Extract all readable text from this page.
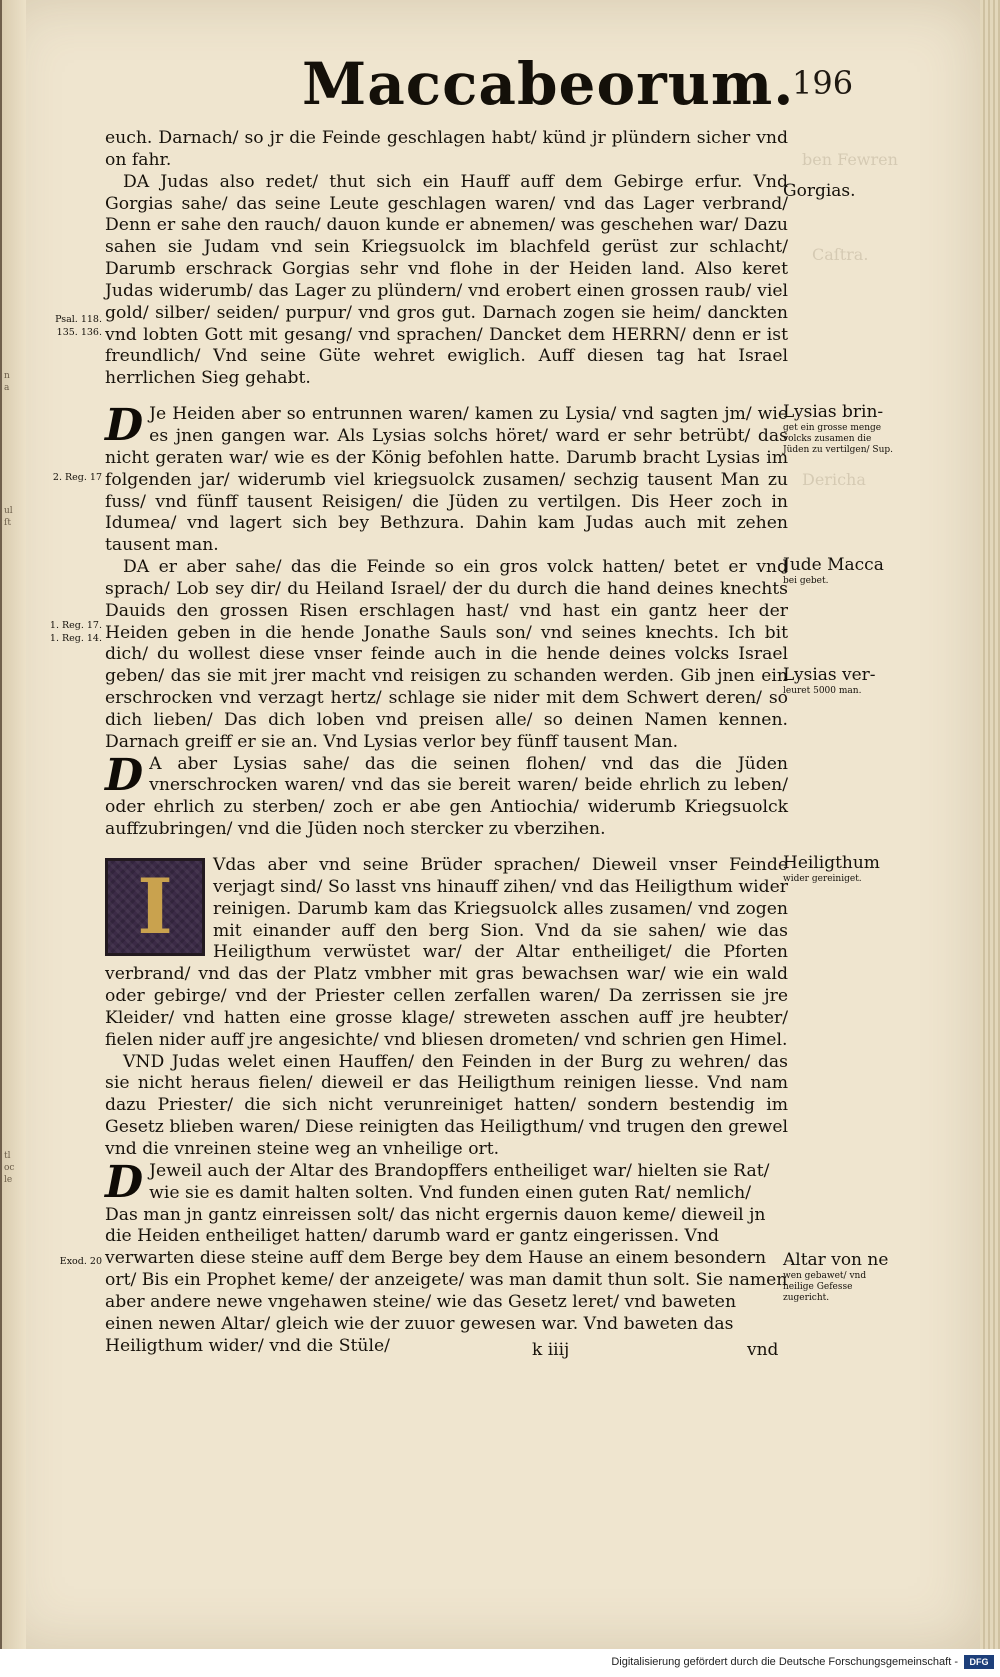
n
a
ul
ſt
tl
oc
le
ben Fewren
Caſtra.
Dericha
Maccabeorum.
196

euch. Darnach/ so jr die Feinde geschlagen habt/ künd jr plündern sicher vnd on fahr.

DA Judas also redet/ thut sich ein Hauff auff dem Gebirge erfur. Vnd Gorgias sahe/ das seine Leute geschlagen waren/ vnd das Lager verbrand/ Denn er sahe den rauch/ dauon kunde er abnemen/ was geschehen war/ Dazu sahen sie Judam vnd sein Kriegsuolck im blachfeld gerüst zur schlacht/ Darumb erschrack Gorgias sehr vnd flohe in der Heiden land. Also keret Judas widerumb/ das Lager zu plündern/ vnd erobert einen grossen raub/ viel gold/ silber/ seiden/ purpur/ vnd gros gut. Darnach zogen sie heim/ danckten vnd lobten Gott mit gesang/ vnd sprachen/ Dancket dem HERRN/ denn er ist freundlich/ Vnd seine Güte wehret ewiglich. Auff diesen tag hat Israel herrlichen Sieg gehabt.

D Je Heiden aber so entrunnen waren/ kamen zu Lysia/ vnd sagten jm/ wie es jnen gangen war. Als Lysias solchs höret/ ward er sehr betrübt/ das nicht geraten war/ wie es der König befohlen hatte. Darumb bracht Lysias im folgenden jar/ widerumb viel kriegsuolck zusamen/ sechzig tausent Man zu fuss/ vnd fünff tausent Reisigen/ die Jüden zu vertilgen. Dis Heer zoch in Idumea/ vnd lagert sich bey Bethzura. Dahin kam Judas auch mit zehen tausent man.

DA er aber sahe/ das die Feinde so ein gros volck hatten/ betet er vnd sprach/ Lob sey dir/ du Heiland Israel/ der du durch die hand deines knechts Dauids den grossen Risen erschlagen hast/ vnd hast ein gantz heer der Heiden geben in die hende Jonathe Sauls son/ vnd seines knechts. Ich bit dich/ du wollest diese vnser feinde auch in die hende deines volcks Israel geben/ das sie mit jrer macht vnd reisigen zu schanden werden. Gib jnen ein erschrocken vnd verzagt hertz/ schlage sie nider mit dem Schwert deren/ so dich lieben/ Das dich loben vnd preisen alle/ so deinen Namen kennen. Darnach greiff er sie an. Vnd Lysias verlor bey fünff tausent Man.

D A aber Lysias sahe/ das die seinen flohen/ vnd das die Jüden vnerschrocken waren/ vnd das sie bereit waren/ beide ehrlich zu leben/ oder ehrlich zu sterben/ zoch er abe gen Antiochia/ widerumb Kriegsuolck auffzubringen/ vnd die Jüden noch stercker zu vberzihen.

I Vdas aber vnd seine Brüder sprachen/ Dieweil vnser Feinde verjagt sind/ So lasst vns hinauff zihen/ vnd das Heiligthum wider reinigen. Darumb kam das Kriegsuolck alles zusamen/ vnd zogen mit einander auff den berg Sion. Vnd da sie sahen/ wie das Heiligthum verwüstet war/ der Altar entheiliget/ die Pforten verbrand/ vnd das der Platz vmbher mit gras bewachsen war/ wie ein wald oder gebirge/ vnd der Priester cellen zerfallen waren/ Da zerrissen sie jre Kleider/ vnd hatten eine grosse klage/ streweten asschen auff jre heubter/ fielen nider auff jre angesichte/ vnd bliesen drometen/ vnd schrien gen Himel.

VND Judas welet einen Hauffen/ den Feinden in der Burg zu wehren/ das sie nicht heraus fielen/ dieweil er das Heiligthum reinigen liesse. Vnd nam dazu Priester/ die sich nicht verunreiniget hatten/ sondern bestendig im Gesetz blieben waren/ Diese reinigten das Heiligthum/ vnd trugen den grewel vnd die vnreinen steine weg an vnheilige ort.

D Jeweil auch der Altar des Brandopffers entheiliget war/ hielten sie Rat/ wie sie es damit halten solten. Vnd funden einen guten Rat/ nemlich/ Das man jn gantz einreissen solt/ das nicht ergernis dauon keme/ dieweil jn die Heiden entheiliget hatten/ darumb ward er gantz eingerissen. Vnd verwarten diese steine auff dem Berge bey dem Hause an einem besondern ort/ Bis ein Prophet keme/ der anzeigete/ was man damit thun solt. Sie namen aber andere newe vngehawen steine/ wie das Gesetz leret/ vnd baweten einen newen Altar/ gleich wie der zuuor gewesen war. Vnd baweten das Heiligthum wider/ vnd die Stüle/

Gorgias.
Lysias brin-
get ein grosse menge volcks zusamen die Jüden zu vertilgen/ Sup.
Jude Macca
bei gebet.
Lysias ver-
leuret 5000 man.
Heiligthum
wider gereiniget.
Altar von ne
wen gebawet/ vnd heilige Gefesse zugericht.
Psal. 118. 135. 136.
2. Reg. 17
1. Reg. 17. 1. Reg. 14.
Exod. 20
k iiij	vnd
Digitalisierung gefördert durch die Deutsche Forschungsgemeinschaft -	DFG
